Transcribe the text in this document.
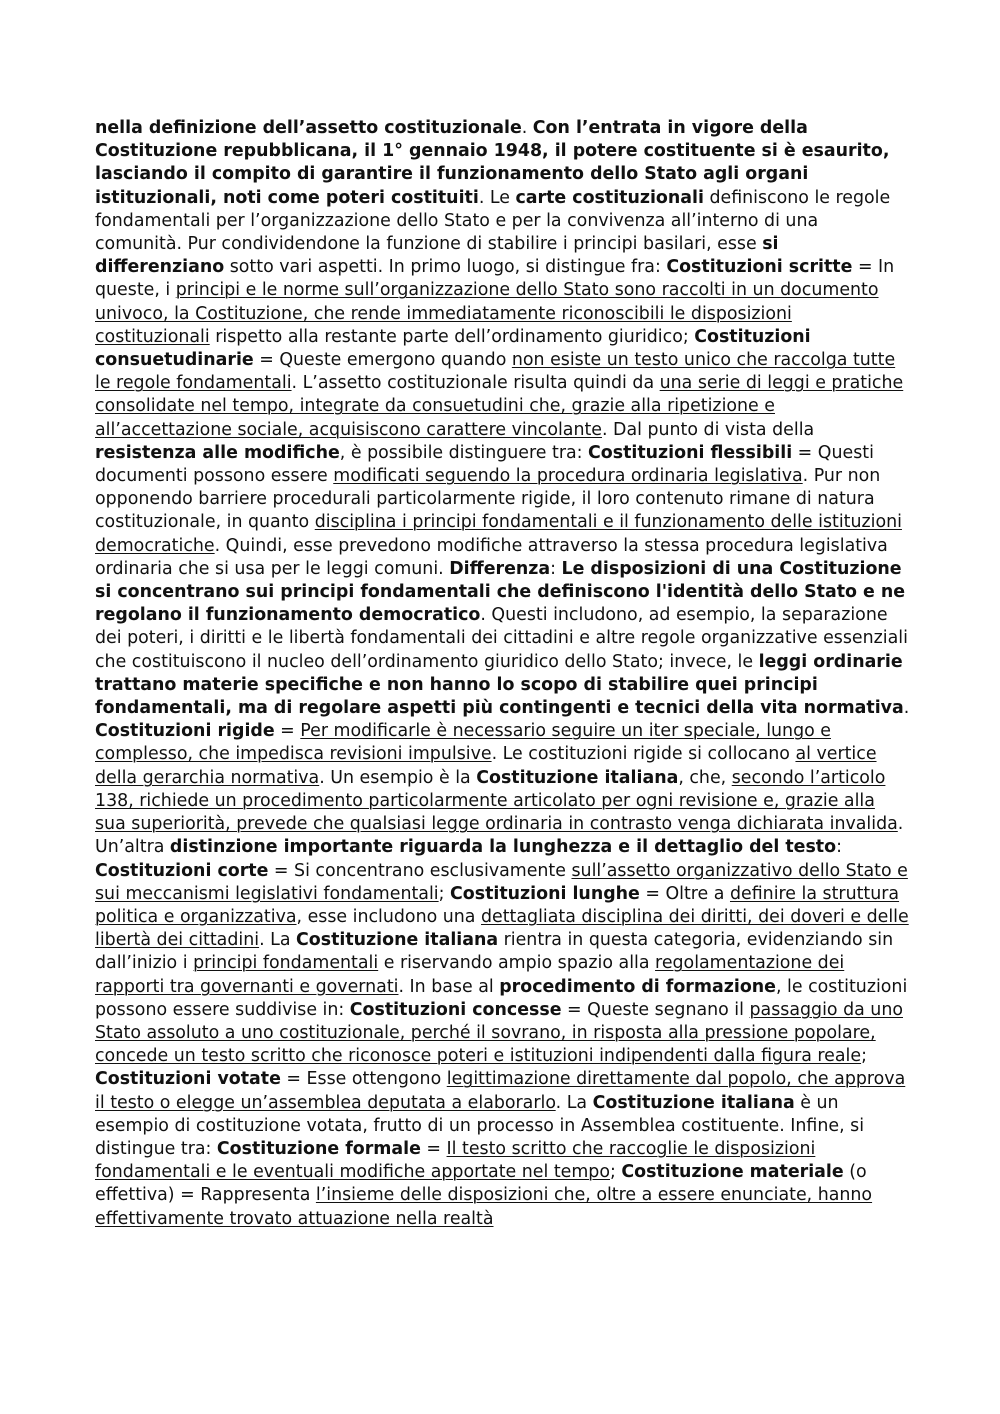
nella definizione dell’assetto costituzionale. Con l’entrata in vigore della Costituzione repubblicana, il 1° gennaio 1948, il potere costituente si è esaurito, lasciando il compito di garantire il funzionamento dello Stato agli organi istituzionali, noti come poteri costituiti. Le carte costituzionali definiscono le regole fondamentali per l’organizzazione dello Stato e per la convivenza all’interno di una comunità. Pur condividendone la funzione di stabilire i principi basilari, esse si differenziano sotto vari aspetti. In primo luogo, si distingue fra: Costituzioni scritte = In queste, i principi e le norme sull’organizzazione dello Stato sono raccolti in un documento univoco, la Costituzione, che rende immediatamente riconoscibili le disposizioni costituzionali rispetto alla restante parte dell’ordinamento giuridico; Costituzioni consuetudinarie = Queste emergono quando non esiste un testo unico che raccolga tutte le regole fondamentali. L’assetto costituzionale risulta quindi da una serie di leggi e pratiche consolidate nel tempo, integrate da consuetudini che, grazie alla ripetizione e all’accettazione sociale, acquisiscono carattere vincolante. Dal punto di vista della resistenza alle modifiche, è possibile distinguere tra: Costituzioni flessibili = Questi documenti possono essere modificati seguendo la procedura ordinaria legislativa. Pur non opponendo barriere procedurali particolarmente rigide, il loro contenuto rimane di natura costituzionale, in quanto disciplina i principi fondamentali e il funzionamento delle istituzioni democratiche. Quindi, esse prevedono modifiche attraverso la stessa procedura legislativa ordinaria che si usa per le leggi comuni. Differenza: Le disposizioni di una Costituzione si concentrano sui principi fondamentali che definiscono l'identità dello Stato e ne regolano il funzionamento democratico. Questi includono, ad esempio, la separazione dei poteri, i diritti e le libertà fondamentali dei cittadini e altre regole organizzative essenziali che costituiscono il nucleo dell’ordinamento giuridico dello Stato; invece, le leggi ordinarie trattano materie specifiche e non hanno lo scopo di stabilire quei principi fondamentali, ma di regolare aspetti più contingenti e tecnici della vita normativa. Costituzioni rigide = Per modificarle è necessario seguire un iter speciale, lungo e complesso, che impedisca revisioni impulsive. Le costituzioni rigide si collocano al vertice della gerarchia normativa. Un esempio è la Costituzione italiana, che, secondo l’articolo 138, richiede un procedimento particolarmente articolato per ogni revisione e, grazie alla sua superiorità, prevede che qualsiasi legge ordinaria in contrasto venga dichiarata invalida. Un’altra distinzione importante riguarda la lunghezza e il dettaglio del testo: Costituzioni corte = Si concentrano esclusivamente sull’assetto organizzativo dello Stato e sui meccanismi legislativi fondamentali; Costituzioni lunghe = Oltre a definire la struttura politica e organizzativa, esse includono una dettagliata disciplina dei diritti, dei doveri e delle libertà dei cittadini. La Costituzione italiana rientra in questa categoria, evidenziando sin dall’inizio i principi fondamentali e riservando ampio spazio alla regolamentazione dei rapporti tra governanti e governati. In base al procedimento di formazione, le costituzioni possono essere suddivise in: Costituzioni concesse = Queste segnano il passaggio da uno Stato assoluto a uno costituzionale, perché il sovrano, in risposta alla pressione popolare, concede un testo scritto che riconosce poteri e istituzioni indipendenti dalla figura reale; Costituzioni votate = Esse ottengono legittimazione direttamente dal popolo, che approva il testo o elegge un’assemblea deputata a elaborarlo. La Costituzione italiana è un esempio di costituzione votata, frutto di un processo in Assemblea costituente. Infine, si distingue tra: Costituzione formale = Il testo scritto che raccoglie le disposizioni fondamentali e le eventuali modifiche apportate nel tempo; Costituzione materiale (o effettiva) = Rappresenta l’insieme delle disposizioni che, oltre a essere enunciate, hanno effettivamente trovato attuazione nella realtà
